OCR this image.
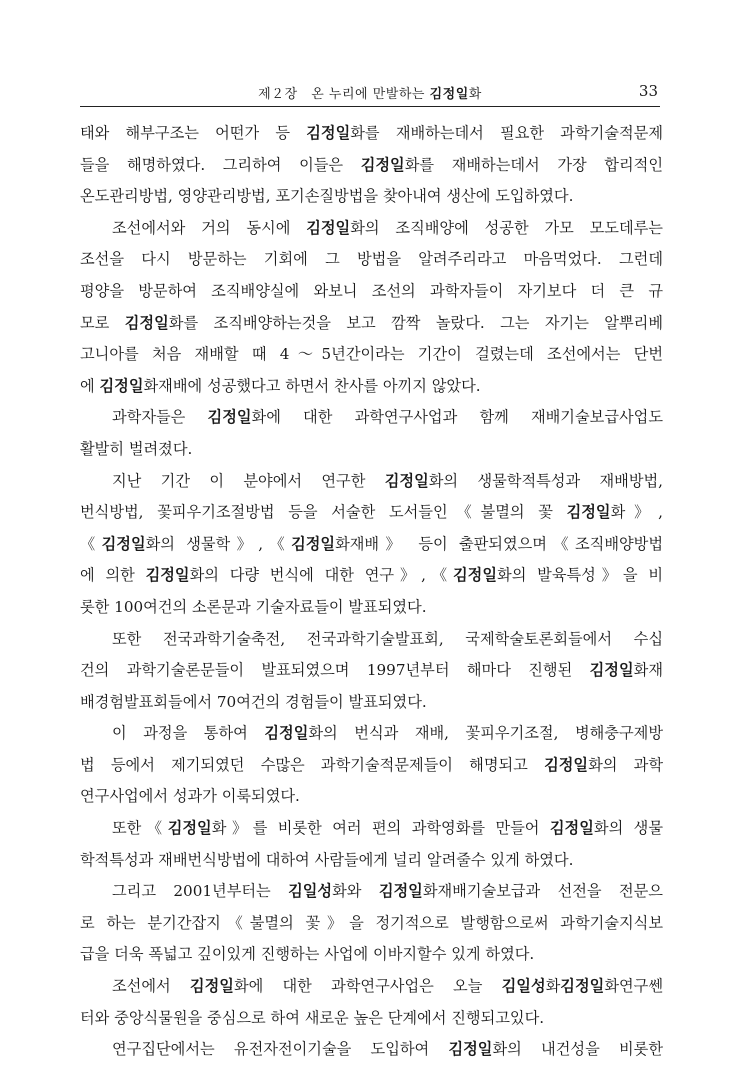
제２장　온 누리에 만발하는 김정일화	33
태와 해부구조는 어떤가 등 김정일화를 재배하는데서 필요한 과학기술적문제
들을 해명하였다. 그리하여 이들은 김정일화를 재배하는데서 가장 합리적인
온도관리방법, 영양관리방법, 포기손질방법을 찾아내여 생산에 도입하였다.
조선에서와 거의 동시에 김정일화의 조직배양에 성공한 가모 모도데루는
조선을 다시 방문하는 기회에 그 방법을 알려주리라고 마음먹었다. 그런데
평양을 방문하여 조직배양실에 와보니 조선의 과학자들이 자기보다 더 큰 규
모로 김정일화를 조직배양하는것을 보고 깜짝 놀랐다. 그는 자기는 알뿌리베
고니아를 처음 재배할 때 4～5년간이라는 기간이 걸렸는데 조선에서는 단번
에 김정일화재배에 성공했다고 하면서 찬사를 아끼지 않았다.
과학자들은 김정일화에 대한 과학연구사업과 함께 재배기술보급사업도
활발히 벌려졌다.
지난 기간 이 분야에서 연구한 김정일화의 생물학적특성과 재배방법,
번식방법, 꽃피우기조절방법 등을 서술한 도서들인《불멸의 꽃 김정일화》,
《김정일화의 생물학》,《김정일화재배》 등이 출판되였으며《조직배양방법
에 의한 김정일화의 다량 번식에 대한 연구》,《김정일화의 발육특성》을 비
롯한 100여건의 소론문과 기술자료들이 발표되였다.
또한 전국과학기술축전, 전국과학기술발표회, 국제학술토론회들에서 수십
건의 과학기술론문들이 발표되였으며 1997년부터 해마다 진행된 김정일화재
배경험발표회들에서 70여건의 경험들이 발표되였다.
이 과정을 통하여 김정일화의 번식과 재배, 꽃피우기조절, 병해충구제방
법 등에서 제기되였던 수많은 과학기술적문제들이 해명되고 김정일화의 과학
연구사업에서 성과가 이룩되였다.
또한《김정일화》를 비롯한 여러 편의 과학영화를 만들어 김정일화의 생물
학적특성과 재배번식방법에 대하여 사람들에게 널리 알려줄수 있게 하였다.
그리고 2001년부터는 김일성화와 김정일화재배기술보급과 선전을 전문으
로 하는 분기간잡지《불멸의 꽃》을 정기적으로 발행함으로써 과학기술지식보
급을 더욱 폭넓고 깊이있게 진행하는 사업에 이바지할수 있게 하였다.
조선에서 김정일화에 대한 과학연구사업은 오늘 김일성화김정일화연구쎈
터와 중앙식물원을 중심으로 하여 새로운 높은 단계에서 진행되고있다.
연구집단에서는 유전자전이기술을 도입하여 김정일화의 내건성을 비롯한
